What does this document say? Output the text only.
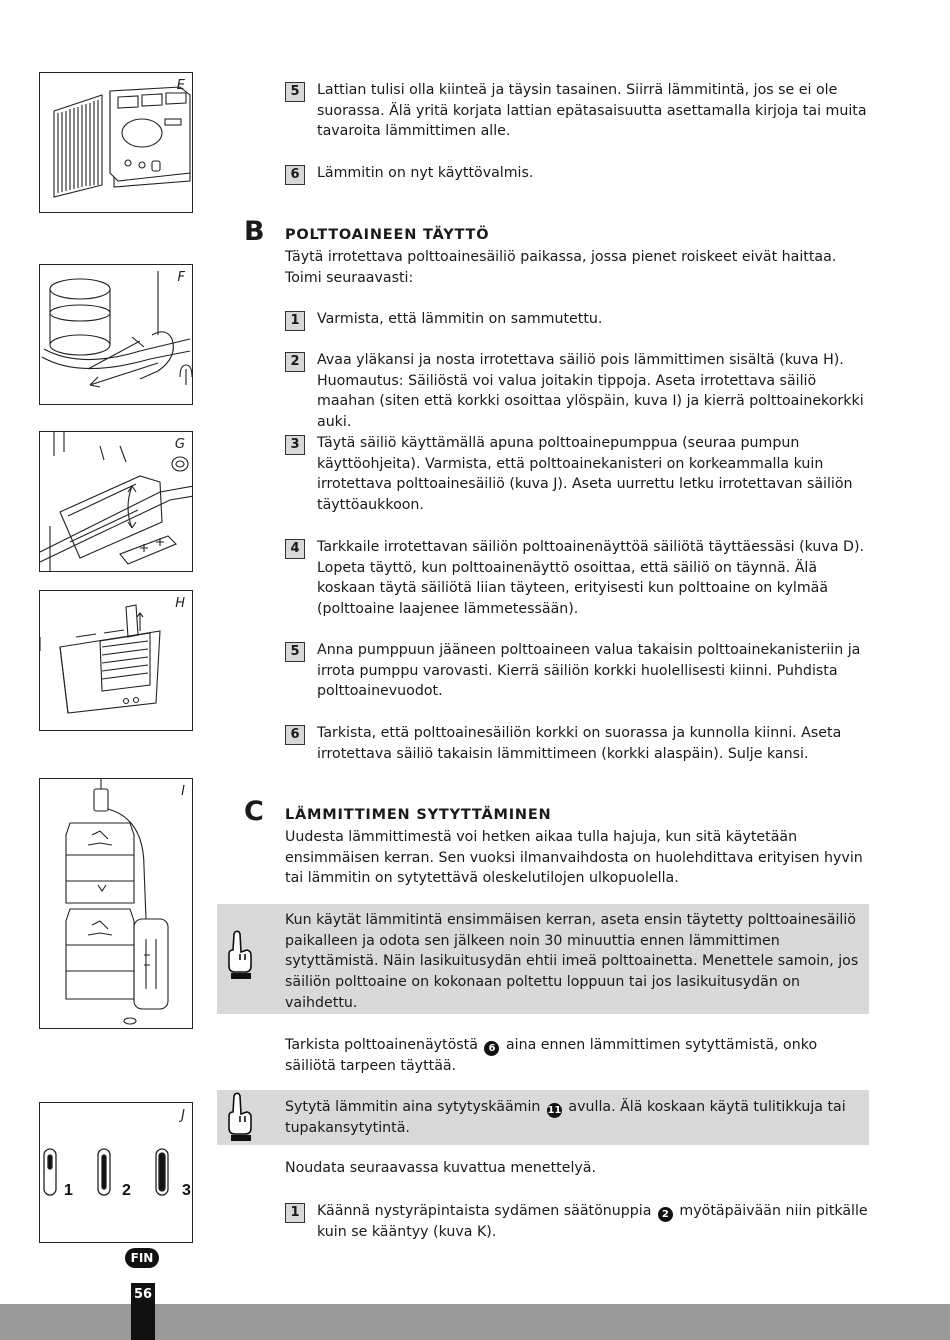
E
F
G
H
I
J
1	2	3
5	Lattian tulisi olla kiinteä ja täysin tasainen. Siirrä lämmitintä, jos se ei ole suorassa. Älä yritä korjata lattian epätasaisuutta asettamalla kirjoja tai muita tavaroita lämmittimen alle.

6	Lämmitin on nyt käyttövalmis.

B POLTTOAINEEN TÄYTTÖ

Täytä irrotettava polttoainesäiliö paikassa, jossa pienet roiskeet eivät haittaa. Toimi seuraavasti:

1	Varmista, että lämmitin on sammutettu.

2	Avaa yläkansi ja nosta irrotettava säiliö pois lämmittimen sisältä (kuva H). Huomautus: Säiliöstä voi valua joitakin tippoja. Aseta irrotettava säiliö maahan (siten että korkki osoittaa ylöspäin, kuva I) ja kierrä polttoainekorkki auki.

3	Täytä säiliö käyttämällä apuna polttoainepumppua (seuraa pumpun käyttöohjeita). Varmista, että polttoainekanisteri on korkeammalla kuin irrotettava polttoainesäiliö (kuva J). Aseta uurrettu letku irrotettavan säiliön täyttöaukkoon.

4	Tarkkaile irrotettavan säiliön polttoainenäyttöä säiliötä täyttäessäsi (kuva D). Lopeta täyttö, kun polttoainenäyttö osoittaa, että säiliö on täynnä. Älä koskaan täytä säiliötä liian täyteen, erityisesti kun polttoaine on kylmää (polttoaine laajenee lämmetessään).

5	Anna pumppuun jääneen polttoaineen valua takaisin polttoainekanisteriin ja irrota pumppu varovasti. Kierrä säiliön korkki huolellisesti kiinni. Puhdista polttoainevuodot.

6	Tarkista, että polttoainesäiliön korkki on suorassa ja kunnolla kiinni. Aseta irrotettava säiliö takaisin lämmittimeen (korkki alaspäin). Sulje kansi.

C LÄMMITTIMEN SYTYTTÄMINEN

Uudesta lämmittimestä voi hetken aikaa tulla hajuja, kun sitä käytetään ensimmäisen kerran. Sen vuoksi ilmanvaihdosta on huolehdittava erityisen hyvin tai lämmitin on sytytettävä oleskelutilojen ulkopuolella.

Kun käytät lämmitintä ensimmäisen kerran, aseta ensin täytetty polttoainesäiliö paikalleen ja odota sen jälkeen noin 30 minuuttia ennen lämmittimen sytyttämistä. Näin lasikuitusydän ehtii imeä polttoainetta. Menettele samoin, jos säiliön polttoaine on kokonaan poltettu loppuun tai jos lasikuitusydän on vaihdettu.

Tarkista polttoainenäytöstä 6 aina ennen lämmittimen sytyttämistä, onko säiliötä tarpeen täyttää.

Sytytä lämmitin aina sytytyskäämin 11 avulla. Älä koskaan käytä tulitikkuja tai tupakansytytintä.

Noudata seuraavassa kuvattua menettelyä.

1	Käännä nystyräpintaista sydämen säätönuppia 2 myötäpäivään niin pitkälle kuin se kääntyy (kuva K).

FIN
56
